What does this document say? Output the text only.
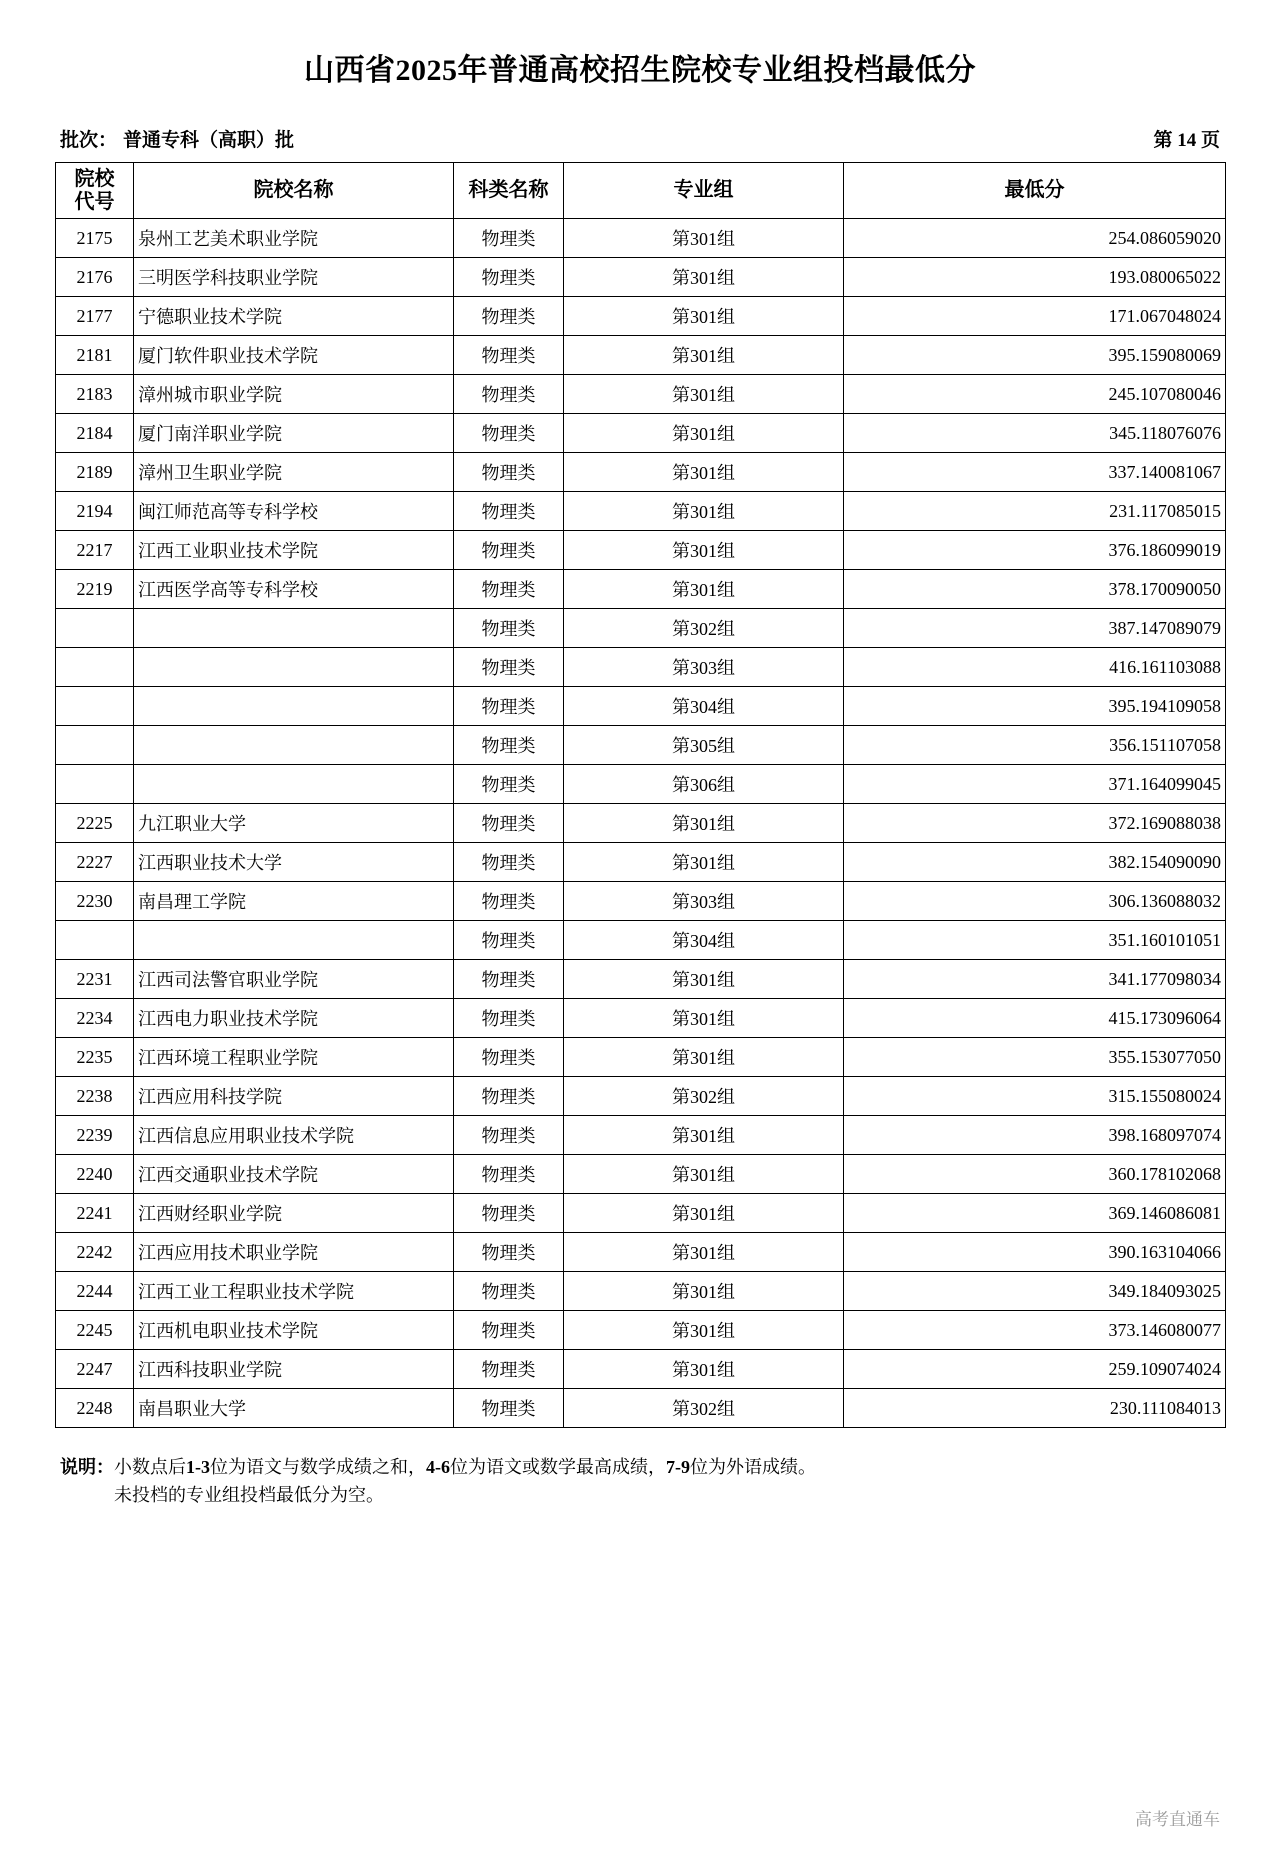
山西省2025年普通高校招生院校专业组投档最低分
批次： 普通专科（高职）批	第 14 页
院校
代号	院校名称	科类名称	专业组	最低分
2175	泉州工艺美术职业学院	物理类	第301组	254.086059020
2176	三明医学科技职业学院	物理类	第301组	193.080065022
2177	宁德职业技术学院	物理类	第301组	171.067048024
2181	厦门软件职业技术学院	物理类	第301组	395.159080069
2183	漳州城市职业学院	物理类	第301组	245.107080046
2184	厦门南洋职业学院	物理类	第301组	345.118076076
2189	漳州卫生职业学院	物理类	第301组	337.140081067
2194	闽江师范高等专科学校	物理类	第301组	231.117085015
2217	江西工业职业技术学院	物理类	第301组	376.186099019
2219	江西医学高等专科学校	物理类	第301组	378.170090050
		物理类	第302组	387.147089079
		物理类	第303组	416.161103088
		物理类	第304组	395.194109058
		物理类	第305组	356.151107058
		物理类	第306组	371.164099045
2225	九江职业大学	物理类	第301组	372.169088038
2227	江西职业技术大学	物理类	第301组	382.154090090
2230	南昌理工学院	物理类	第303组	306.136088032
		物理类	第304组	351.160101051
2231	江西司法警官职业学院	物理类	第301组	341.177098034
2234	江西电力职业技术学院	物理类	第301组	415.173096064
2235	江西环境工程职业学院	物理类	第301组	355.153077050
2238	江西应用科技学院	物理类	第302组	315.155080024
2239	江西信息应用职业技术学院	物理类	第301组	398.168097074
2240	江西交通职业技术学院	物理类	第301组	360.178102068
2241	江西财经职业学院	物理类	第301组	369.146086081
2242	江西应用技术职业学院	物理类	第301组	390.163104066
2244	江西工业工程职业技术学院	物理类	第301组	349.184093025
2245	江西机电职业技术学院	物理类	第301组	373.146080077
2247	江西科技职业学院	物理类	第301组	259.109074024
2248	南昌职业大学	物理类	第302组	230.111084013
说明： 小数点后1-3位为语文与数学成绩之和，4-6位为语文或数学最高成绩，7-9位为外语成绩。
未投档的专业组投档最低分为空。
高考直通车
